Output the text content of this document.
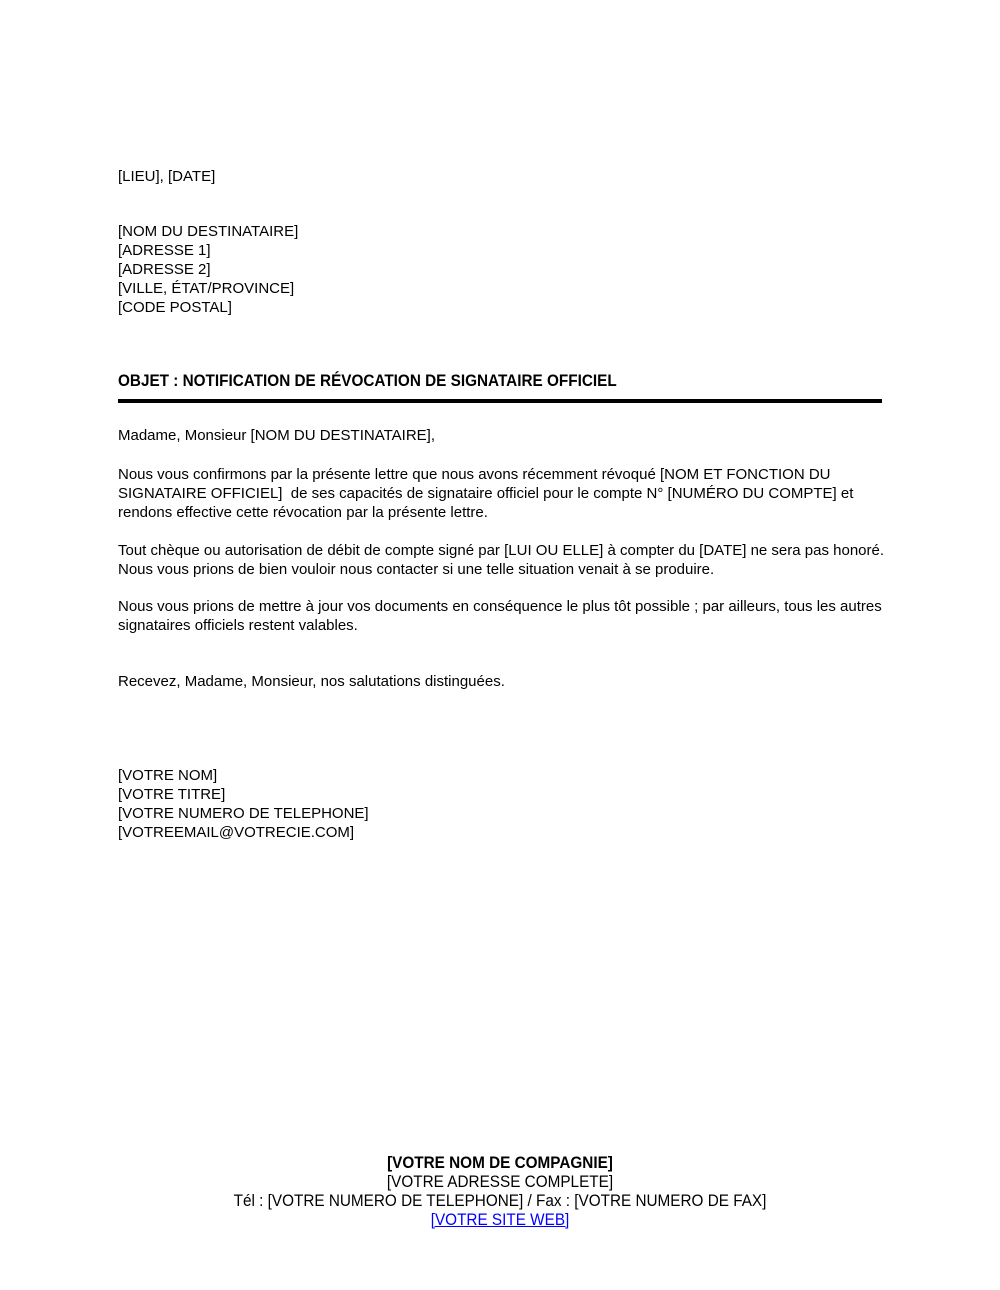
[LIEU], [DATE]
[NOM DU DESTINATAIRE]
[ADRESSE 1]
[ADRESSE 2]
[VILLE, ÉTAT/PROVINCE]
[CODE POSTAL]
OBJET : NOTIFICATION DE RÉVOCATION DE SIGNATAIRE OFFICIEL
Madame, Monsieur [NOM DU DESTINATAIRE],
Nous vous confirmons par la présente lettre que nous avons récemment révoqué [NOM ET FONCTION DU SIGNATAIRE OFFICIEL]  de ses capacités de signataire officiel pour le compte N° [NUMÉRO DU COMPTE] et rendons effective cette révocation par la présente lettre.
Tout chèque ou autorisation de débit de compte signé par [LUI OU ELLE] à compter du [DATE] ne sera pas honoré. Nous vous prions de bien vouloir nous contacter si une telle situation venait à se produire.
Nous vous prions de mettre à jour vos documents en conséquence le plus tôt possible ; par ailleurs, tous les autres signataires officiels restent valables.
Recevez, Madame, Monsieur, nos salutations distinguées.
[VOTRE NOM]
[VOTRE TITRE]
[VOTRE NUMERO DE TELEPHONE]
[VOTREEMAIL@VOTRECIE.COM]
[VOTRE NOM DE COMPAGNIE]
[VOTRE ADRESSE COMPLETE]
Tél : [VOTRE NUMERO DE TELEPHONE] / Fax : [VOTRE NUMERO DE FAX]
[VOTRE SITE WEB]
